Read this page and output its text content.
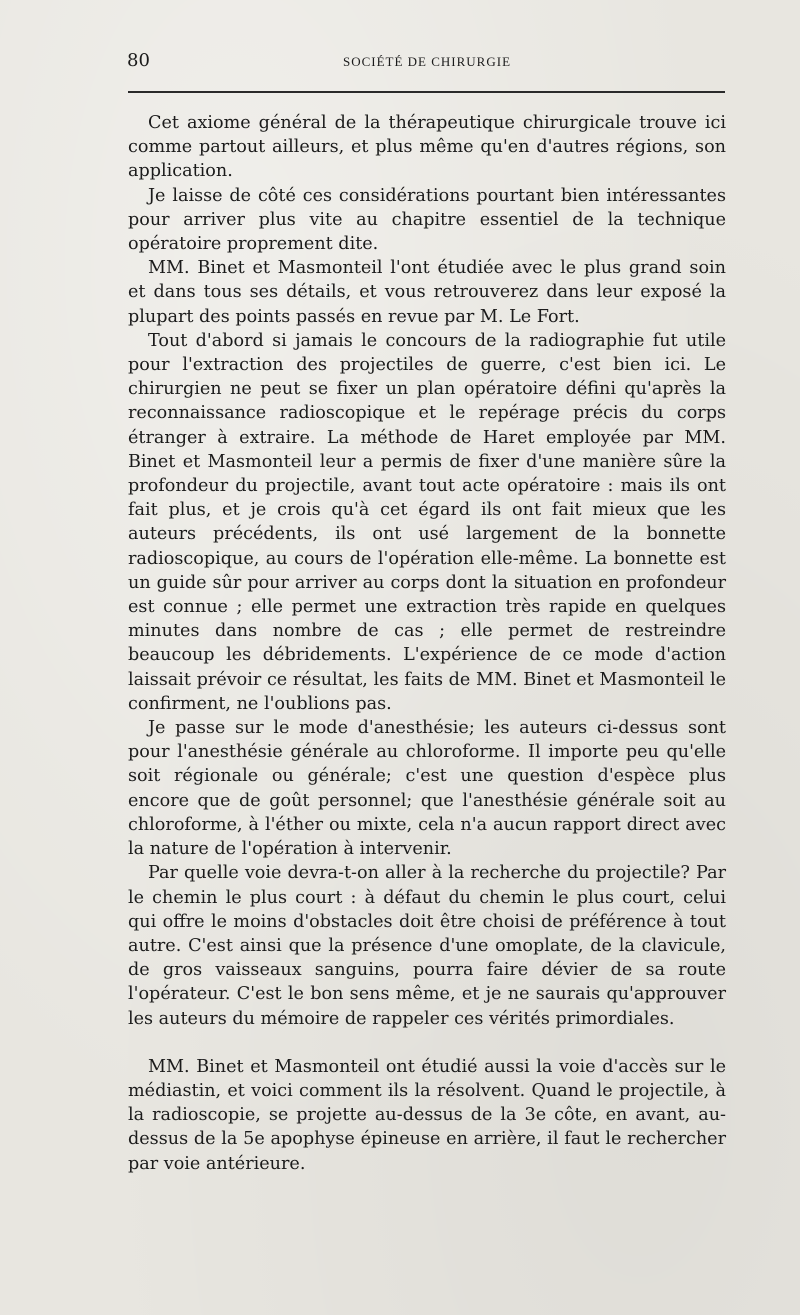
80	SOCIÉTÉ DE CHIRURGIE

Cet axiome général de la thérapeutique chirurgicale trouve ici comme partout ailleurs, et plus même qu'en d'autres régions, son application.

Je laisse de côté ces considérations pourtant bien intéressantes pour arriver plus vite au chapitre essentiel de la technique opératoire proprement dite.

MM. Binet et Masmonteil l'ont étudiée avec le plus grand soin et dans tous ses détails, et vous retrouverez dans leur exposé la plupart des points passés en revue par M. Le Fort.

Tout d'abord si jamais le concours de la radiographie fut utile pour l'extraction des projectiles de guerre, c'est bien ici. Le chirurgien ne peut se fixer un plan opératoire défini qu'après la reconnaissance radioscopique et le repérage précis du corps étranger à extraire. La méthode de Haret employée par MM. Binet et Masmonteil leur a permis de fixer d'une manière sûre la profondeur du projectile, avant tout acte opératoire : mais ils ont fait plus, et je crois qu'à cet égard ils ont fait mieux que les auteurs précédents, ils ont usé largement de la bonnette radioscopique, au cours de l'opération elle-même. La bonnette est un guide sûr pour arriver au corps dont la situation en profondeur est connue ; elle permet une extraction très rapide en quelques minutes dans nombre de cas ; elle permet de restreindre beaucoup les débridements. L'expérience de ce mode d'action laissait prévoir ce résultat, les faits de MM. Binet et Masmonteil le confirment, ne l'oublions pas.

Je passe sur le mode d'anesthésie; les auteurs ci-dessus sont pour l'anesthésie générale au chloroforme. Il importe peu qu'elle soit régionale ou générale; c'est une question d'espèce plus encore que de goût personnel; que l'anesthésie générale soit au chloroforme, à l'éther ou mixte, cela n'a aucun rapport direct avec la nature de l'opération à intervenir.

Par quelle voie devra-t-on aller à la recherche du projectile? Par le chemin le plus court : à défaut du chemin le plus court, celui qui offre le moins d'obstacles doit être choisi de préférence à tout autre. C'est ainsi que la présence d'une omoplate, de la clavicule, de gros vaisseaux sanguins, pourra faire dévier de sa route l'opérateur. C'est le bon sens même, et je ne saurais qu'approuver les auteurs du mémoire de rappeler ces vérités primordiales.

MM. Binet et Masmonteil ont étudié aussi la voie d'accès sur le médiastin, et voici comment ils la résolvent. Quand le projectile, à la radioscopie, se projette au-dessus de la 3e côte, en avant, au-dessus de la 5e apophyse épineuse en arrière, il faut le rechercher par voie antérieure.
